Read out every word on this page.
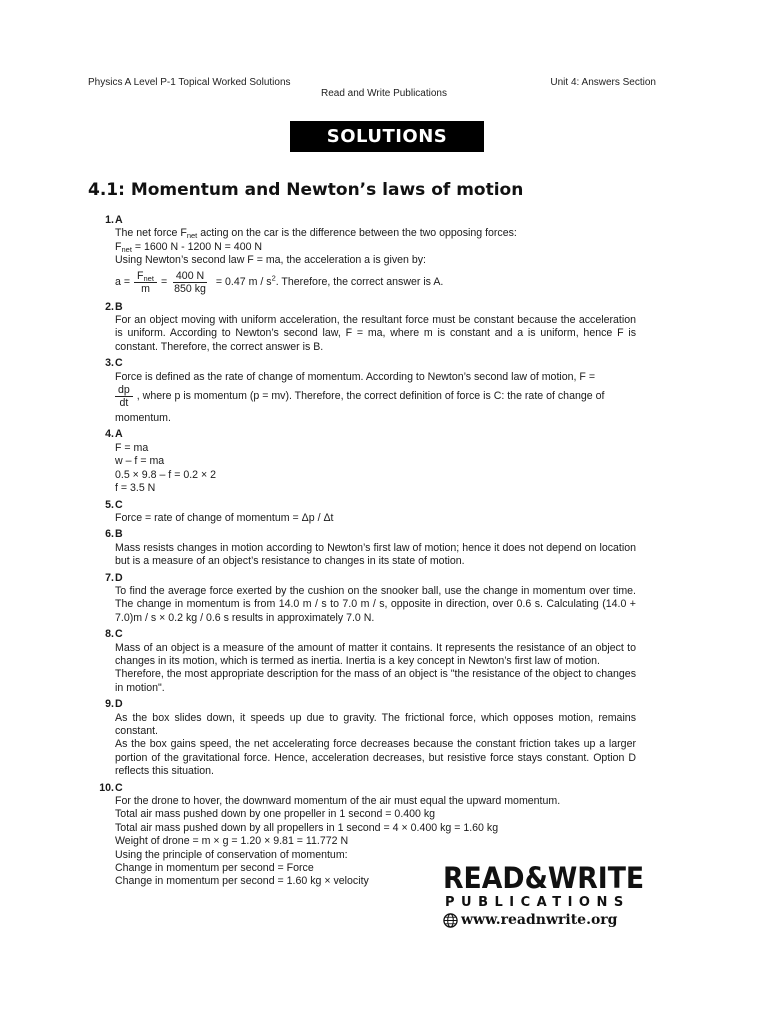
Physics A Level P-1 Topical Worked Solutions	Unit 4: Answers Section
Read and Write Publications
SOLUTIONS
4.1: Momentum and Newton’s laws of motion
1. A
The net force $F_{net}$ acting on the car is the difference between the two opposing forces:
$F_{net} = 1600$ N - 1200 N = 400 N
Using Newton’s second law F = ma, the acceleration a is given by:
$a = \frac{F_{net}}{m} = \frac{400 N}{850 kg} = 0.47$ m / $s^2$. Therefore, the correct answer is A.
2. B
For an object moving with uniform acceleration, the resultant force must be constant because the acceleration is uniform. According to Newton’s second law, F = ma, where m is constant and a is uniform, hence F is constant. Therefore, the correct answer is B.
3. C
Force is defined as the rate of change of momentum. According to Newton’s second law of motion, F =
$\frac{dp}{dt}$ , where p is momentum (p = mv). Therefore, the correct definition of force is C: the rate of change of
momentum.
4. A
F = ma
w – f = ma
0.5 × 9.8 – f = 0.2 × 2
f = 3.5 N
5. C
Force = rate of change of momentum = Δp / Δt
6. B
Mass resists changes in motion according to Newton’s first law of motion; hence it does not depend on location but is a measure of an object’s resistance to changes in its state of motion.
7. D
To find the average force exerted by the cushion on the snooker ball, use the change in momentum over time. The change in momentum is from 14.0 m / s to 7.0 m / s, opposite in direction, over 0.6 s. Calculating (14.0 + 7.0)m / s × 0.2 kg / 0.6 s results in approximately 7.0 N.
8. C
Mass of an object is a measure of the amount of matter it contains. It represents the resistance of an object to changes in its motion, which is termed as inertia. Inertia is a key concept in Newton’s first law of motion.
Therefore, the most appropriate description for the mass of an object is "the resistance of the object to changes in motion".
9. D
As the box slides down, it speeds up due to gravity. The frictional force, which opposes motion, remains constant.
As the box gains speed, the net accelerating force decreases because the constant friction takes up a larger portion of the gravitational force. Hence, acceleration decreases, but resistive force stays constant. Option D reflects this situation.
10. C
For the drone to hover, the downward momentum of the air must equal the upward momentum.
Total air mass pushed down by one propeller in 1 second = 0.400 kg
Total air mass pushed down by all propellers in 1 second = 4 × 0.400 kg = 1.60 kg
Weight of drone = m × g = 1.20 × 9.81 = 11.772 N
Using the principle of conservation of momentum:
Change in momentum per second = Force
Change in momentum per second = 1.60 kg × velocity	READ&WRITE
PUBLICATIONS
www.readnwrite.org
